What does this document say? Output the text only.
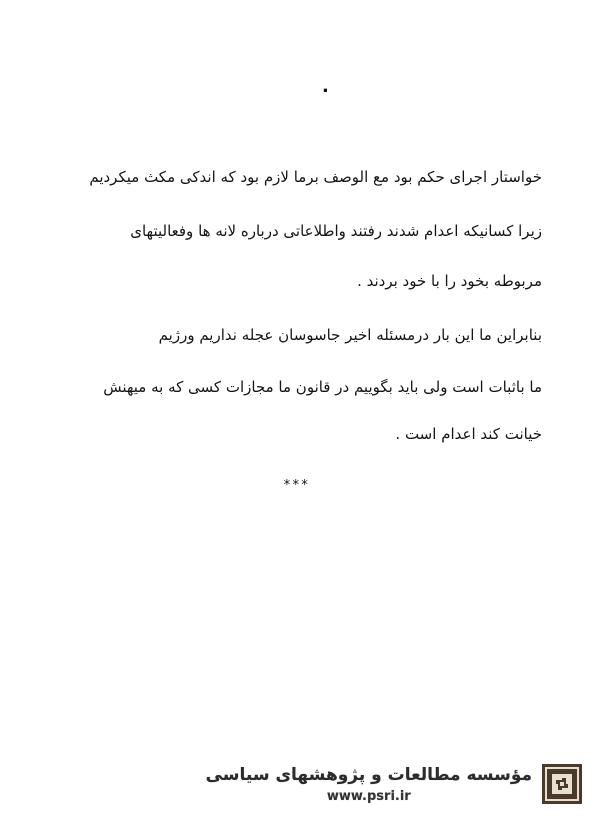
.
خواستار اجرای حکم بود مع الوصف برما لازم بود که اندکی مکث میکردیم
زیرا کسانیکه اعدام شدند رفتند واطلاعاتی درباره لانه ها وفعالیتهای
مربوطه بخود را با خود بردند .
بنابراین ما این بار درمسئله اخیر جاسوسان عجله نداریم ورژیم
ما باثبات است ولی باید بگوییم در قانون ما مجازات کسی که به میهنش
خیانت کند اعدام است .
***
مؤسسه مطالعات و پژوهشهای سیاسی
www.psri.ir
